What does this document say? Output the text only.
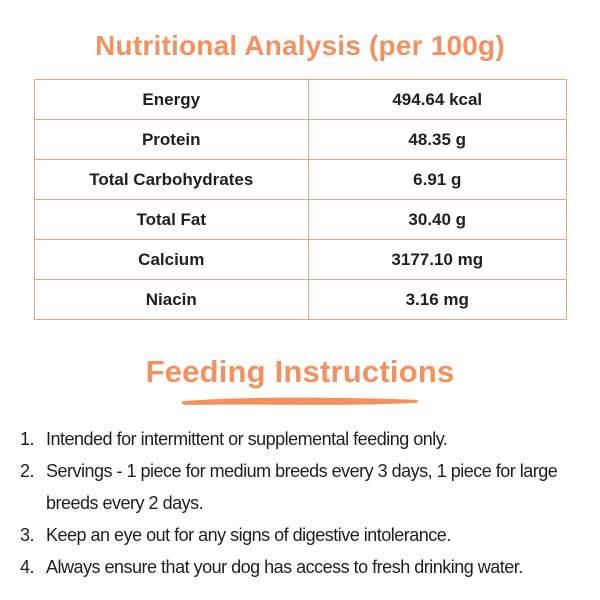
Nutritional Analysis (per 100g)
Energy	494.64 kcal
Protein	48.35 g
Total Carbohydrates	6.91 g
Total Fat	30.40 g
Calcium	3177.10 mg
Niacin	3.16 mg
Feeding Instructions
1. Intended for intermittent or supplemental feeding only.
2. Servings - 1 piece for medium breeds every 3 days, 1 piece for large breeds every 2 days.
3. Keep an eye out for any signs of digestive intolerance.
4. Always ensure that your dog has access to fresh drinking water.
